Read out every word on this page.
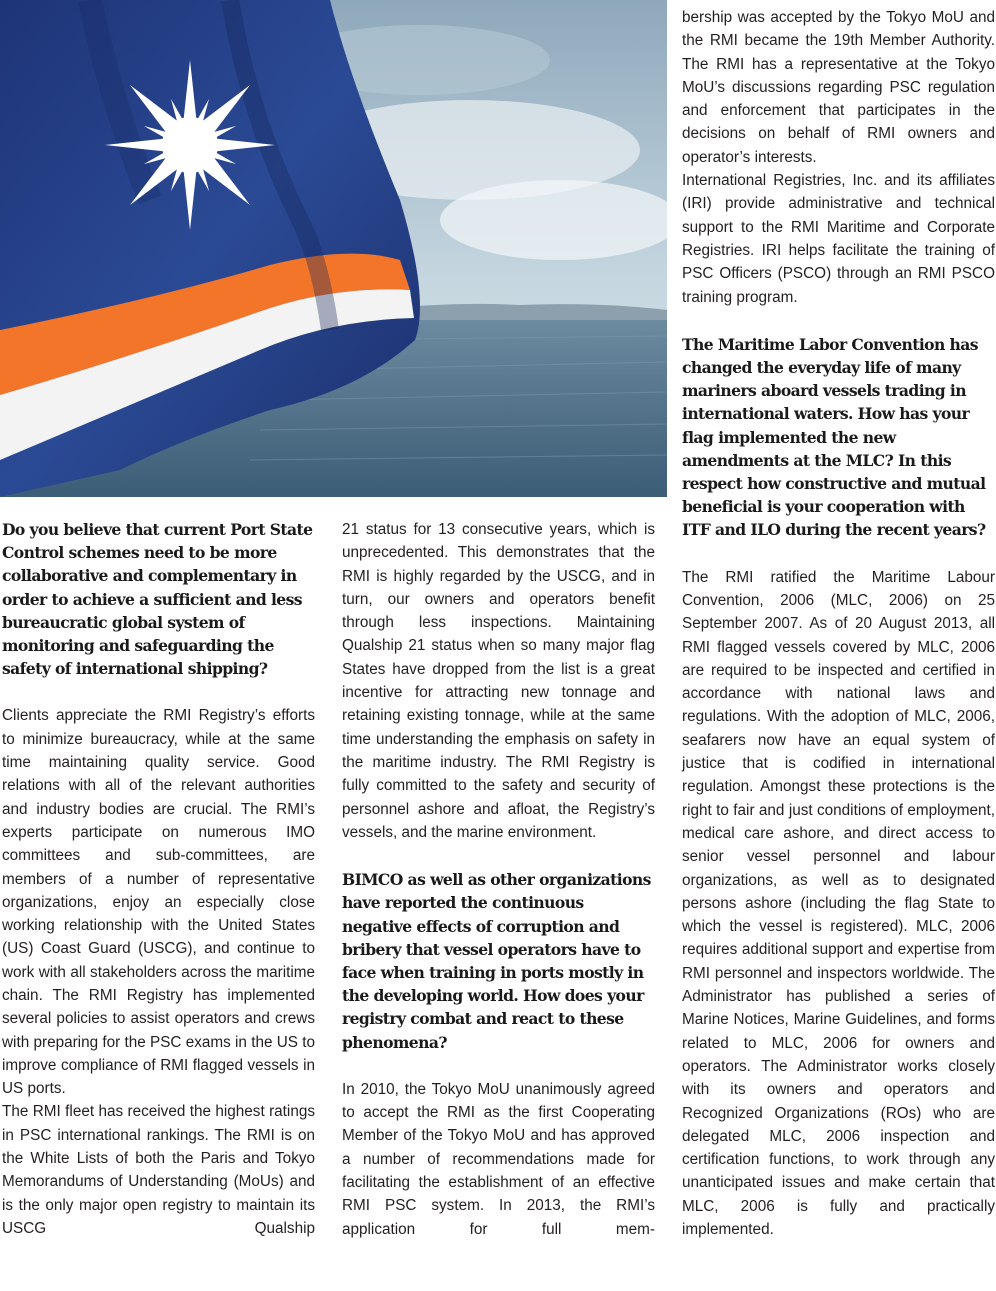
Do you believe that current Port State Control schemes need to be more collaborative and complementary in order to achieve a sufficient and less bureaucratic global system of monitoring and safeguarding the safety of international shipping?
Clients appreciate the RMI Registry’s efforts to minimize bureaucracy, while at the same time maintaining quality service. Good relations with all of the relevant authorities and industry bodies are crucial. The RMI’s experts participate on numerous IMO committees and sub-committees, are members of a number of representative organizations, enjoy an especially close working relationship with the United States (US) Coast Guard (USCG), and continue to work with all stakeholders across the maritime chain. The RMI Registry has implemented several policies to assist operators and crews with preparing for the PSC exams in the US to improve compliance of RMI flagged vessels in US ports.
The RMI fleet has received the highest ratings in PSC international rankings. The RMI is on the White Lists of both the Paris and Tokyo Memorandums of Understanding (MoUs) and is the only major open registry to maintain its USCG Qualship
21 status for 13 consecutive years, which is unprecedented. This demonstrates that the RMI is highly regarded by the USCG, and in turn, our owners and operators benefit through less inspections. Maintaining Qualship 21 status when so many major flag States have dropped from the list is a great incentive for attracting new tonnage and retaining existing tonnage, while at the same time understanding the emphasis on safety in the maritime industry. The RMI Registry is fully committed to the safety and security of personnel ashore and afloat, the Registry’s vessels, and the marine environment.
BIMCO as well as other organizations have reported the continuous negative effects of corruption and bribery that vessel operators have to face when training in ports mostly in the developing world. How does your registry combat and react to these phenomena?
In 2010, the Tokyo MoU unanimously agreed to accept the RMI as the first Cooperating Member of the Tokyo MoU and has approved a number of recommendations made for facilitating the establishment of an effective RMI PSC system. In 2013, the RMI’s application for full mem-
bership was accepted by the Tokyo MoU and the RMI became the 19th Member Authority. The RMI has a representative at the Tokyo MoU’s discussions regarding PSC regulation and enforcement that participates in the decisions on behalf of RMI owners and operator’s interests.
International Registries, Inc. and its affiliates (IRI) provide administrative and technical support to the RMI Maritime and Corporate Registries. IRI helps facilitate the training of PSC Officers (PSCO) through an RMI PSCO training program.
The Maritime Labor Convention has changed the everyday life of many mariners aboard vessels trading in international waters. How has your flag implemented the new amendments at the MLC? In this respect how constructive and mutual beneficial is your cooperation with ITF and ILO during the recent years?
The RMI ratified the Maritime Labour Convention, 2006 (MLC, 2006) on 25 September 2007. As of 20 August 2013, all RMI flagged vessels covered by MLC, 2006 are required to be inspected and certified in accordance with national laws and regulations. With the adoption of MLC, 2006, seafarers now have an equal system of justice that is codified in international regulation. Amongst these protections is the right to fair and just conditions of employment, medical care ashore, and direct access to senior vessel personnel and labour organizations, as well as to designated persons ashore (including the flag State to which the vessel is registered). MLC, 2006 requires additional support and expertise from RMI personnel and inspectors worldwide. The Administrator has published a series of Marine Notices, Marine Guidelines, and forms related to MLC, 2006 for owners and operators. The Administrator works closely with its owners and operators and Recognized Organizations (ROs) who are delegated MLC, 2006 inspection and certification functions, to work through any unanticipated issues and make certain that MLC, 2006 is fully and practically implemented.
